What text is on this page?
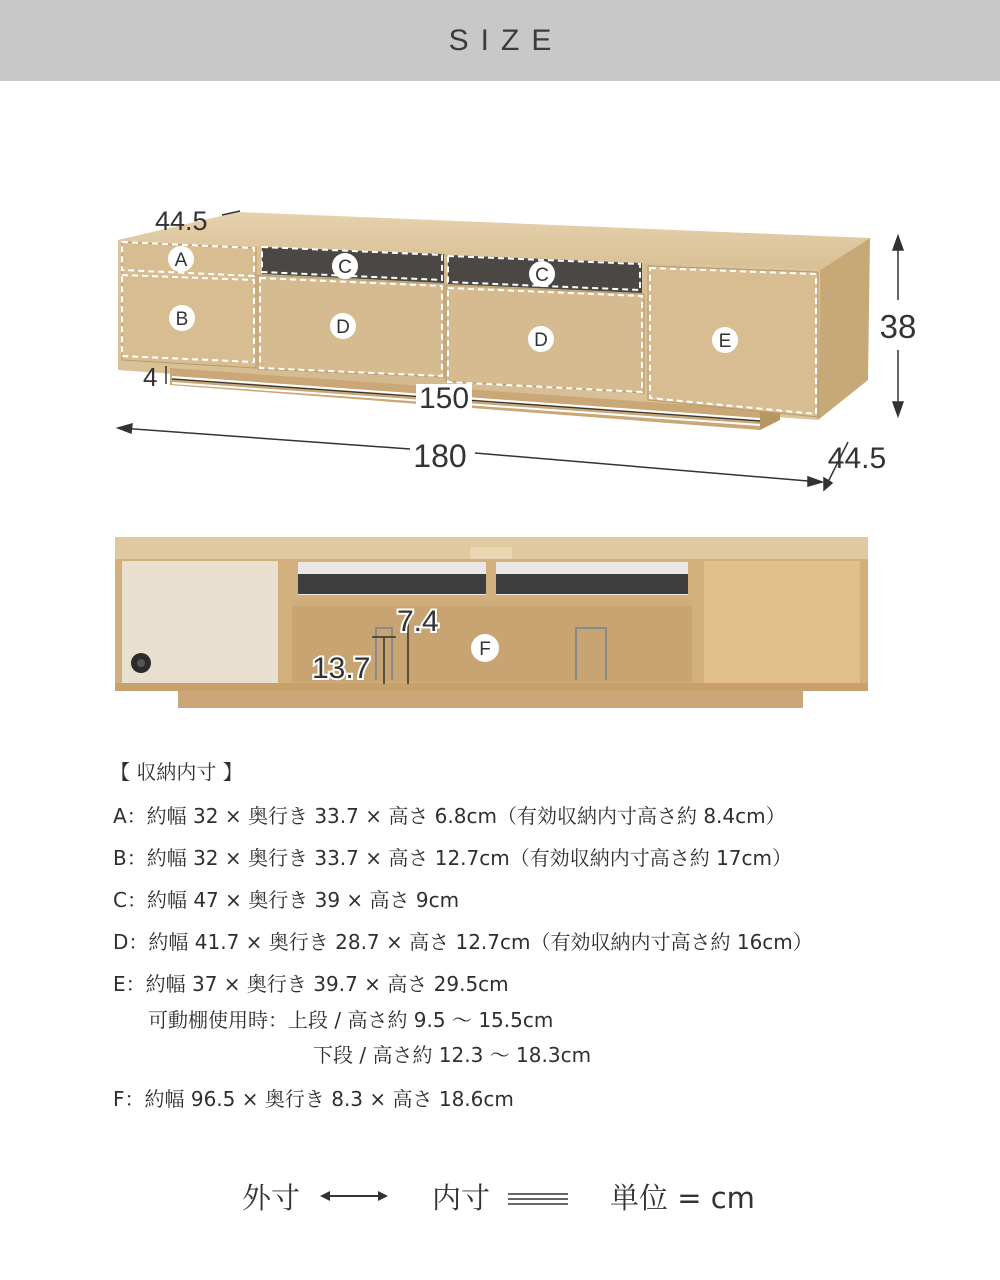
SIZE
A
B
C	C
D
D	E
150
4
44.5
180
38
44.5
7.4
13.7
F
【 収納内寸 】
A：約幅 32 × 奥行き 33.7 × 高さ 6.8cm（有効収納内寸高さ約 8.4cm）
B：約幅 32 × 奥行き 33.7 × 高さ 12.7cm（有効収納内寸高さ約 17cm）
C：約幅 47 × 奥行き 39 × 高さ 9cm
D：約幅 41.7 × 奥行き 28.7 × 高さ 12.7cm（有効収納内寸高さ約 16cm）
E：約幅 37 × 奥行き 39.7 × 高さ 29.5cm
可動棚使用時：上段 / 高さ約 9.5 〜 15.5cm
下段 / 高さ約 12.3 〜 18.3cm
F：約幅 96.5 × 奥行き 8.3 × 高さ 18.6cm
外寸	内寸	単位 = cm
